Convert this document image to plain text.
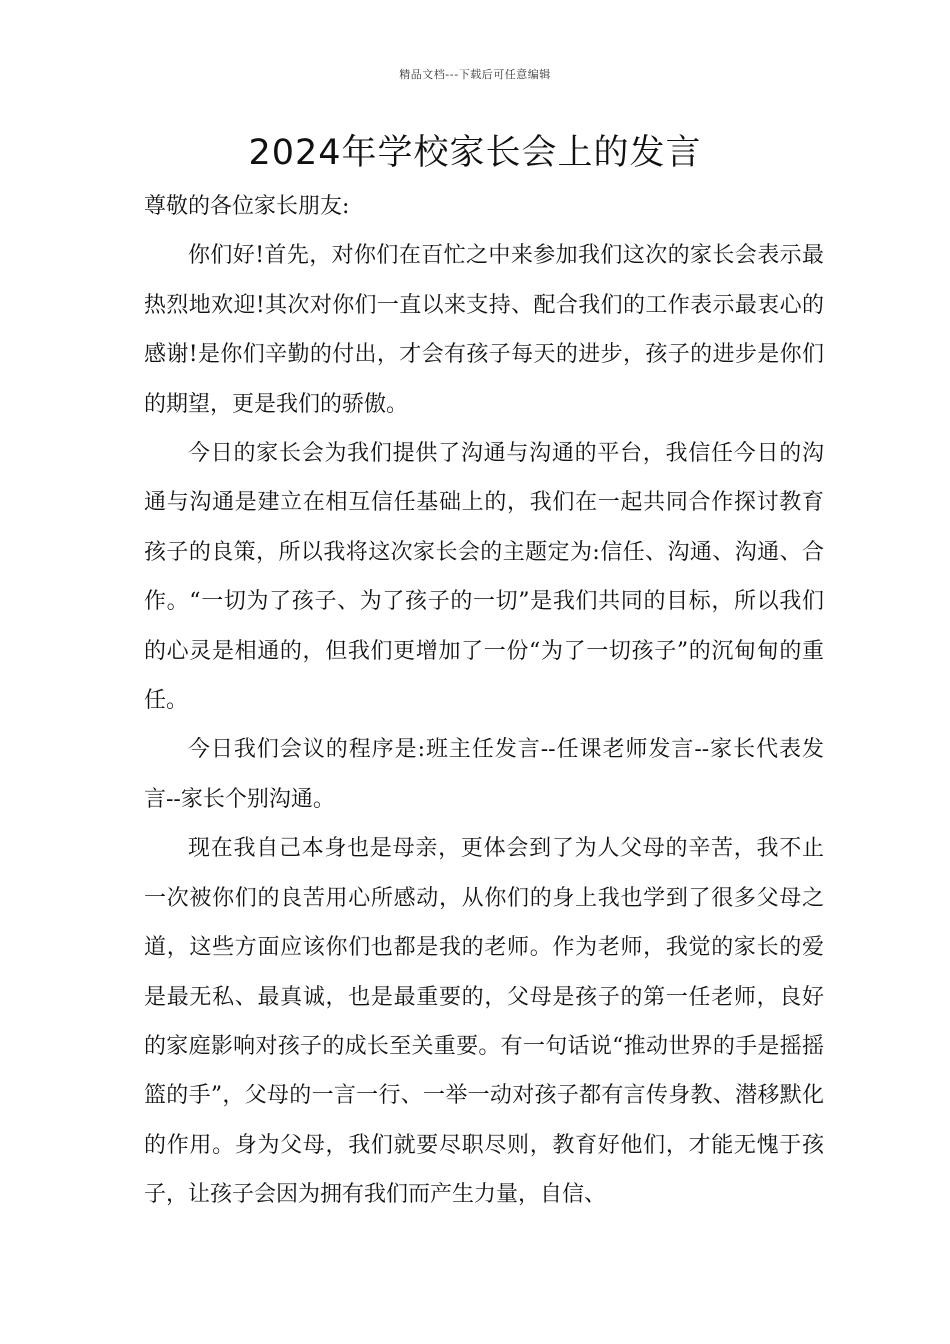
精品文档---下载后可任意编辑
2024年学校家长会上的发言

尊敬的各位家长朋友:

你们好!首先，对你们在百忙之中来参加我们这次的家长会表示最热烈地欢迎!其次对你们一直以来支持、配合我们的工作表示最衷心的感谢!是你们辛勤的付出，才会有孩子每天的进步，孩子的进步是你们的期望，更是我们的骄傲。

今日的家长会为我们提供了沟通与沟通的平台，我信任今日的沟通与沟通是建立在相互信任基础上的，我们在一起共同合作探讨教育孩子的良策，所以我将这次家长会的主题定为:信任、沟通、沟通、合作。“一切为了孩子、为了孩子的一切”是我们共同的目标，所以我们的心灵是相通的，但我们更增加了一份“为了一切孩子”的沉甸甸的重任。

今日我们会议的程序是:班主任发言--任课老师发言--家长代表发言--家长个别沟通。

现在我自己本身也是母亲，更体会到了为人父母的辛苦，我不止一次被你们的良苦用心所感动，从你们的身上我也学到了很多父母之道，这些方面应该你们也都是我的老师。作为老师，我觉的家长的爱是最无私、最真诚，也是最重要的，父母是孩子的第一任老师，良好的家庭影响对孩子的成长至关重要。有一句话说“推动世界的手是摇摇篮的手”，父母的一言一行、一举一动对孩子都有言传身教、潜移默化的作用。身为父母，我们就要尽职尽则，教育好他们，才能无愧于孩子，让孩子会因为拥有我们而产生力量，自信、
